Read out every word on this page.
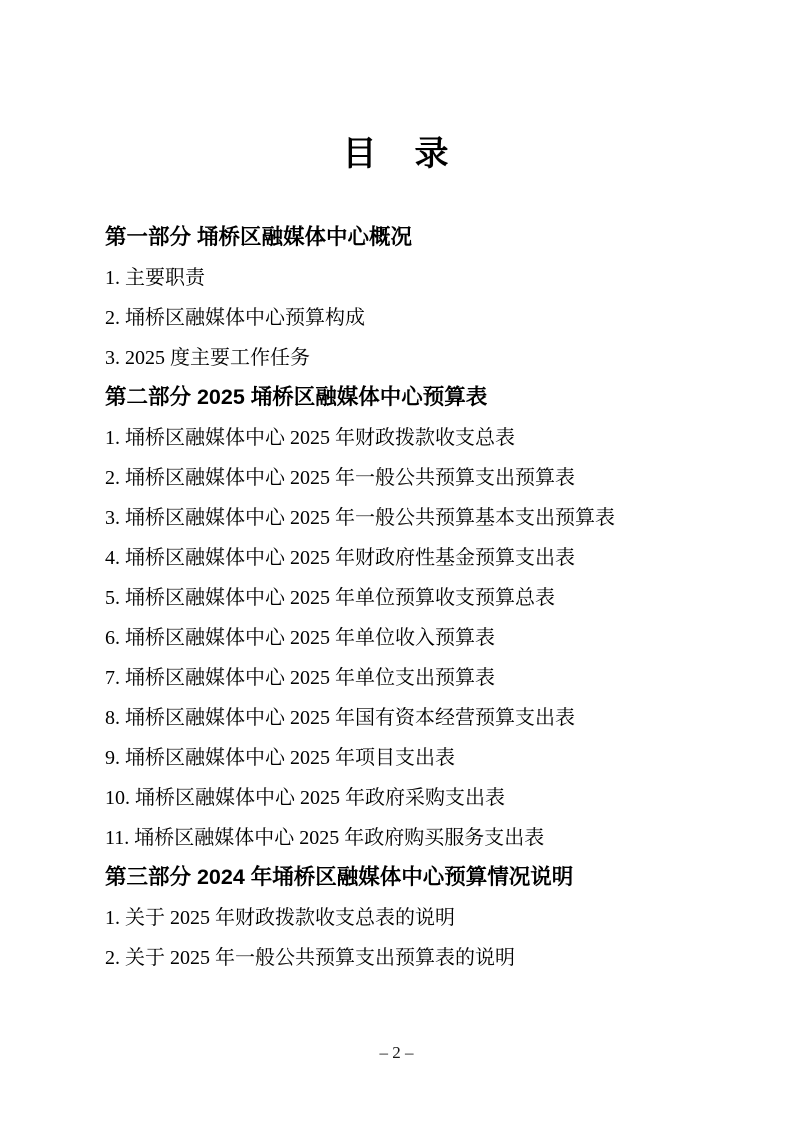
目　录
第一部分 埇桥区融媒体中心概况
1. 主要职责
2. 埇桥区融媒体中心预算构成
3. 2025 度主要工作任务
第二部分 2025 埇桥区融媒体中心预算表
1. 埇桥区融媒体中心 2025 年财政拨款收支总表
2. 埇桥区融媒体中心 2025 年一般公共预算支出预算表
3. 埇桥区融媒体中心 2025 年一般公共预算基本支出预算表
4. 埇桥区融媒体中心 2025 年财政府性基金预算支出表
5. 埇桥区融媒体中心 2025 年单位预算收支预算总表
6. 埇桥区融媒体中心 2025 年单位收入预算表
7. 埇桥区融媒体中心 2025 年单位支出预算表
8. 埇桥区融媒体中心 2025 年国有资本经营预算支出表
9. 埇桥区融媒体中心 2025 年项目支出表
10. 埇桥区融媒体中心 2025 年政府采购支出表
11. 埇桥区融媒体中心 2025 年政府购买服务支出表
第三部分 2024 年埇桥区融媒体中心预算情况说明
1. 关于 2025 年财政拨款收支总表的说明
2. 关于 2025 年一般公共预算支出预算表的说明
– 2 –
